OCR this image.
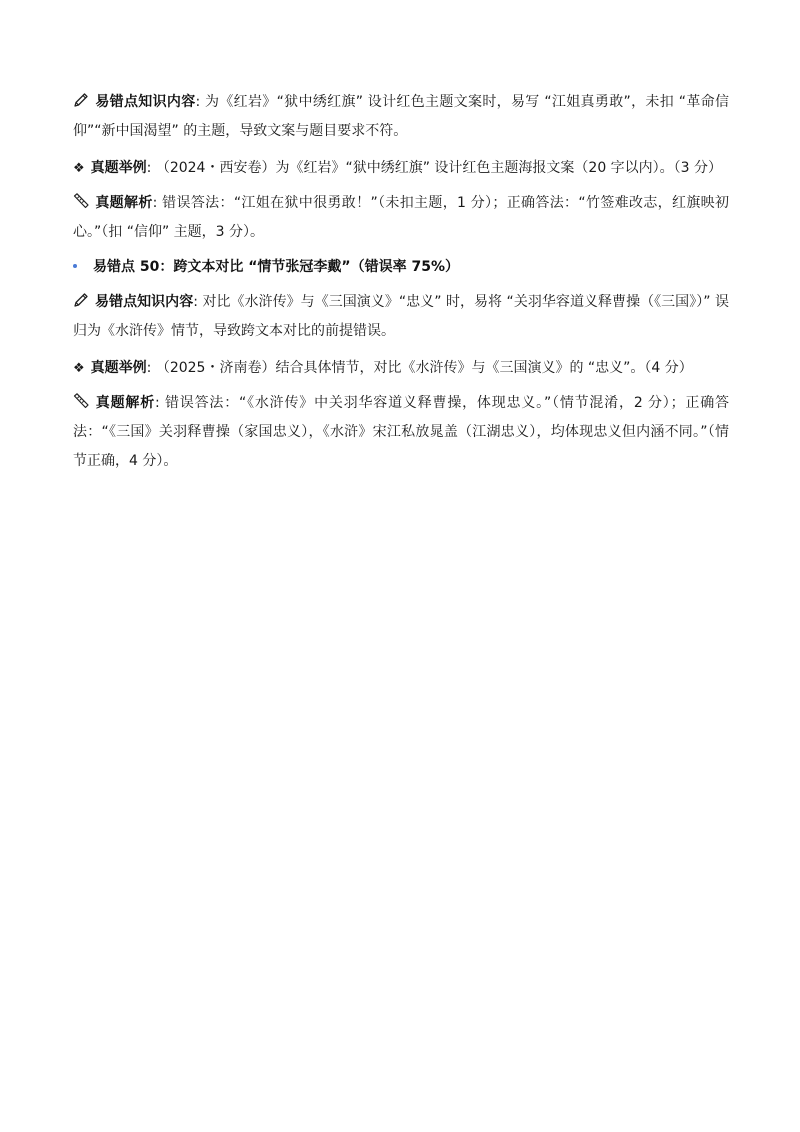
易错点知识内容: 为《红岩》“狱中绣红旗” 设计红色主题文案时，易写 “江姐真勇敢”，未扣 “革命信仰”“新中国渴望” 的主题，导致文案与题目要求不符。
❖ 真题举例: （2024・西安卷）为《红岩》“狱中绣红旗” 设计红色主题海报文案（20 字以内）。（3 分）
真题解析: 错误答法：“江姐在狱中很勇敢！”（未扣主题，1 分）；正确答法：“竹签难改志，红旗映初心。”（扣 “信仰” 主题，3 分）。
易错点 50：跨文本对比 “情节张冠李戴”（错误率 75%）
易错点知识内容: 对比《水浒传》与《三国演义》“忠义” 时，易将 “关羽华容道义释曹操（《三国》）” 误归为《水浒传》情节，导致跨文本对比的前提错误。
❖ 真题举例: （2025・济南卷）结合具体情节，对比《水浒传》与《三国演义》的 “忠义”。（4 分）
真题解析: 错误答法：“《水浒传》中关羽华容道义释曹操，体现忠义。”（情节混淆，2 分）；正确答法：“《三国》关羽释曹操（家国忠义），《水浒》宋江私放晁盖（江湖忠义），均体现忠义但内涵不同。”（情节正确，4 分）。
